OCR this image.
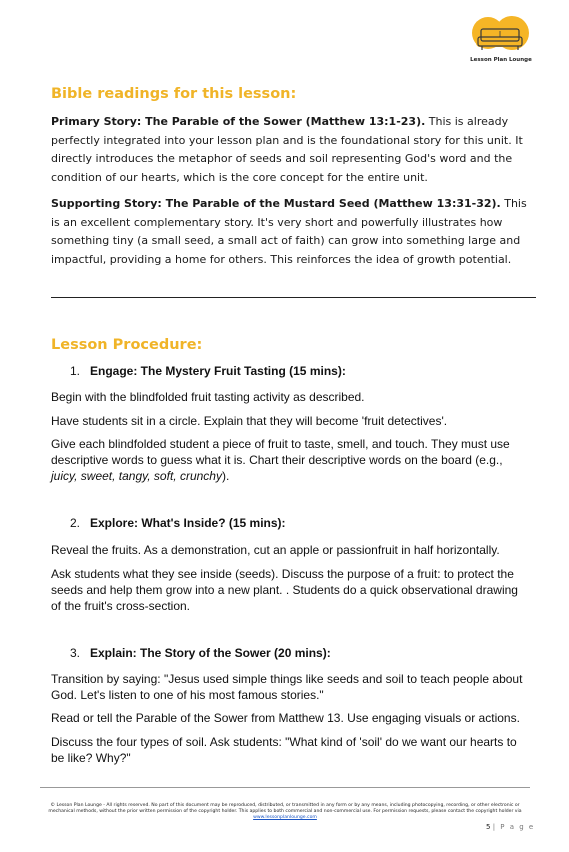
Lesson Plan Lounge
Bible readings for this lesson:
Primary Story: The Parable of the Sower (Matthew 13:1-23). This is already perfectly integrated into your lesson plan and is the foundational story for this unit. It directly introduces the metaphor of seeds and soil representing God's word and the condition of our hearts, which is the core concept for the entire unit.
Supporting Story: The Parable of the Mustard Seed (Matthew 13:31-32). This is an excellent complementary story. It's very short and powerfully illustrates how something tiny (a small seed, a small act of faith) can grow into something large and impactful, providing a home for others. This reinforces the idea of growth potential.
Lesson Procedure:
1. Engage: The Mystery Fruit Tasting (15 mins):
Begin with the blindfolded fruit tasting activity as described.
Have students sit in a circle. Explain that they will become 'fruit detectives'.
Give each blindfolded student a piece of fruit to taste, smell, and touch. They must use descriptive words to guess what it is. Chart their descriptive words on the board (e.g., juicy, sweet, tangy, soft, crunchy).
2. Explore: What's Inside? (15 mins):
Reveal the fruits. As a demonstration, cut an apple or passionfruit in half horizontally.
Ask students what they see inside (seeds). Discuss the purpose of a fruit: to protect the seeds and help them grow into a new plant. . Students do a quick observational drawing of the fruit's cross-section.
3. Explain: The Story of the Sower (20 mins):
Transition by saying: "Jesus used simple things like seeds and soil to teach people about God. Let's listen to one of his most famous stories."
Read or tell the Parable of the Sower from Matthew 13. Use engaging visuals or actions.
Discuss the four types of soil. Ask students: "What kind of 'soil' do we want our hearts to be like? Why?"
© Lesson Plan Lounge - All rights reserved. No part of this document may be reproduced, distributed, or transmitted in any form or by any means, including photocopying, recording, or other electronic or mechanical methods, without the prior written permission of the copyright holder. This applies to both commercial and non-commercial use. For permission requests, please contact the copyright holder via
www.lessonplanlounge.com
5 | P a g e
